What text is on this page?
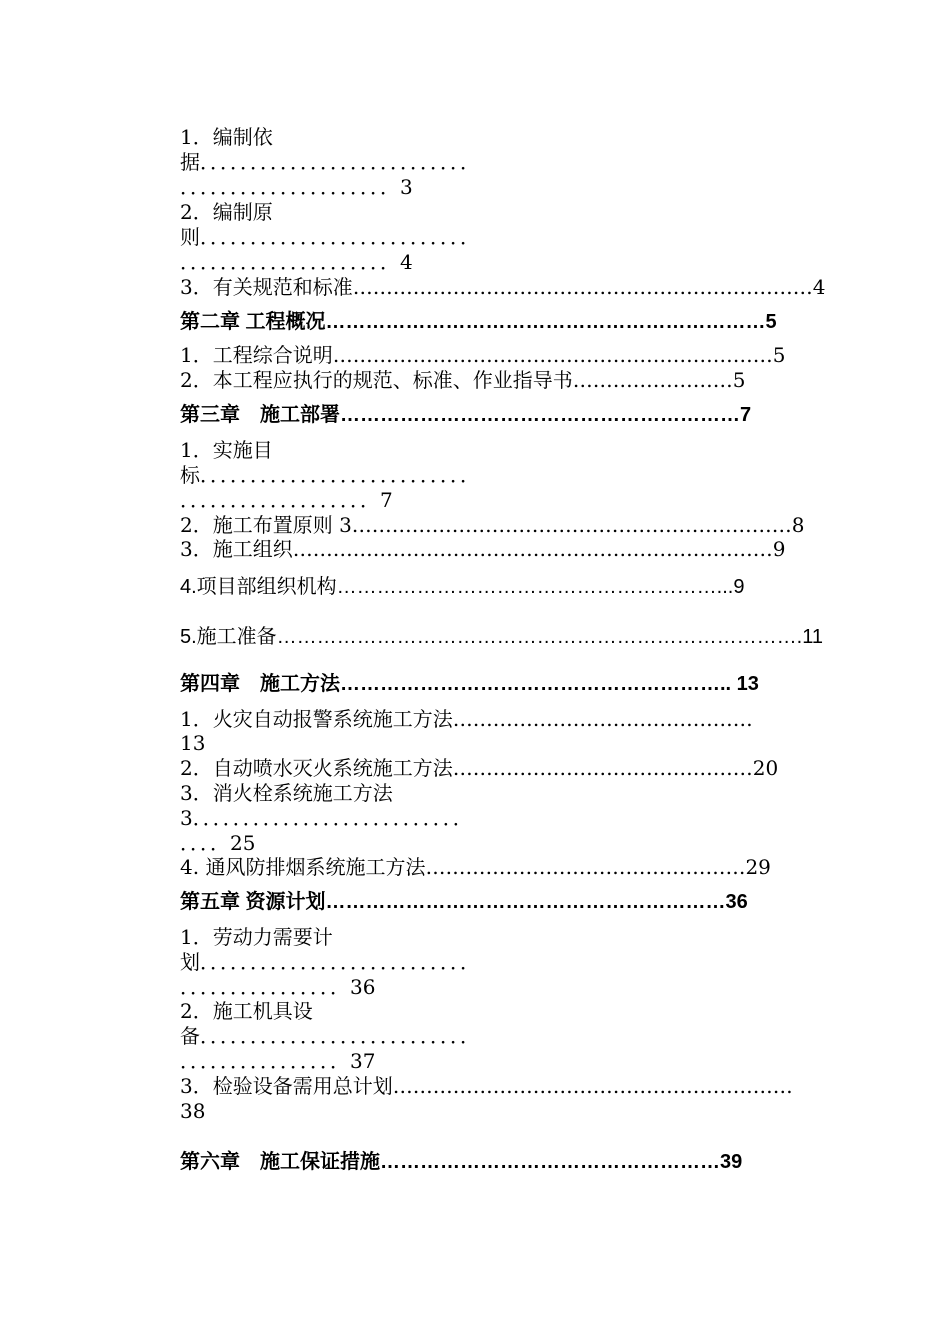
1．编制依
据．．．．．．．．．．．．．．．．．．．．．．．．．．．
．．．．．．．．．．．．．．．．．．．．．3
2．编制原
则．．．．．．．．．．．．．．．．．．．．．．．．．．．
．．．．．．．．．．．．．．．．．．．．．4
3．有关规范和标准……………………………………………………………4
第二章 工程概况…………………………………………………………5
1．工程综合说明…………………………………………………………5
2．本工程应执行的规范、标准、作业指导书……………………5
第三章　施工部署……………………………………………………7
1．实施目
标．．．．．．．．．．．．．．．．．．．．．．．．．．．
．．．．．．．．．．．．．．．．．．．7
2．施工布置原则 3…………………………………………………………8
3．施工组织………………………………………………………………9
4.项目部组织机构…………………………………………………...9
5.施工准备…………………………………………………………………….11
第四章　施工方法………………………………………………….. 13
1．火灾自动报警系统施工方法………………………………………
13
2．自动喷水灭火系统施工方法………………………………………20
3．消火栓系统施工方法
3．．．．．．．．．．．．．．．．．．．．．．．．．．．
．．．．25
4. 通风防排烟系统施工方法…………………………………………29
第五章 资源计划……………………………………………………36
1．劳动力需要计
划．．．．．．．．．．．．．．．．．．．．．．．．．．．
．．．．．．．．．．．．．．．．36
2．施工机具设
备．．．．．．．．．．．．．．．．．．．．．．．．．．．
．．．．．．．．．．．．．．．．37
3．检验设备需用总计划……………………………………………………
38
第六章　施工保证措施……………………………………………39
